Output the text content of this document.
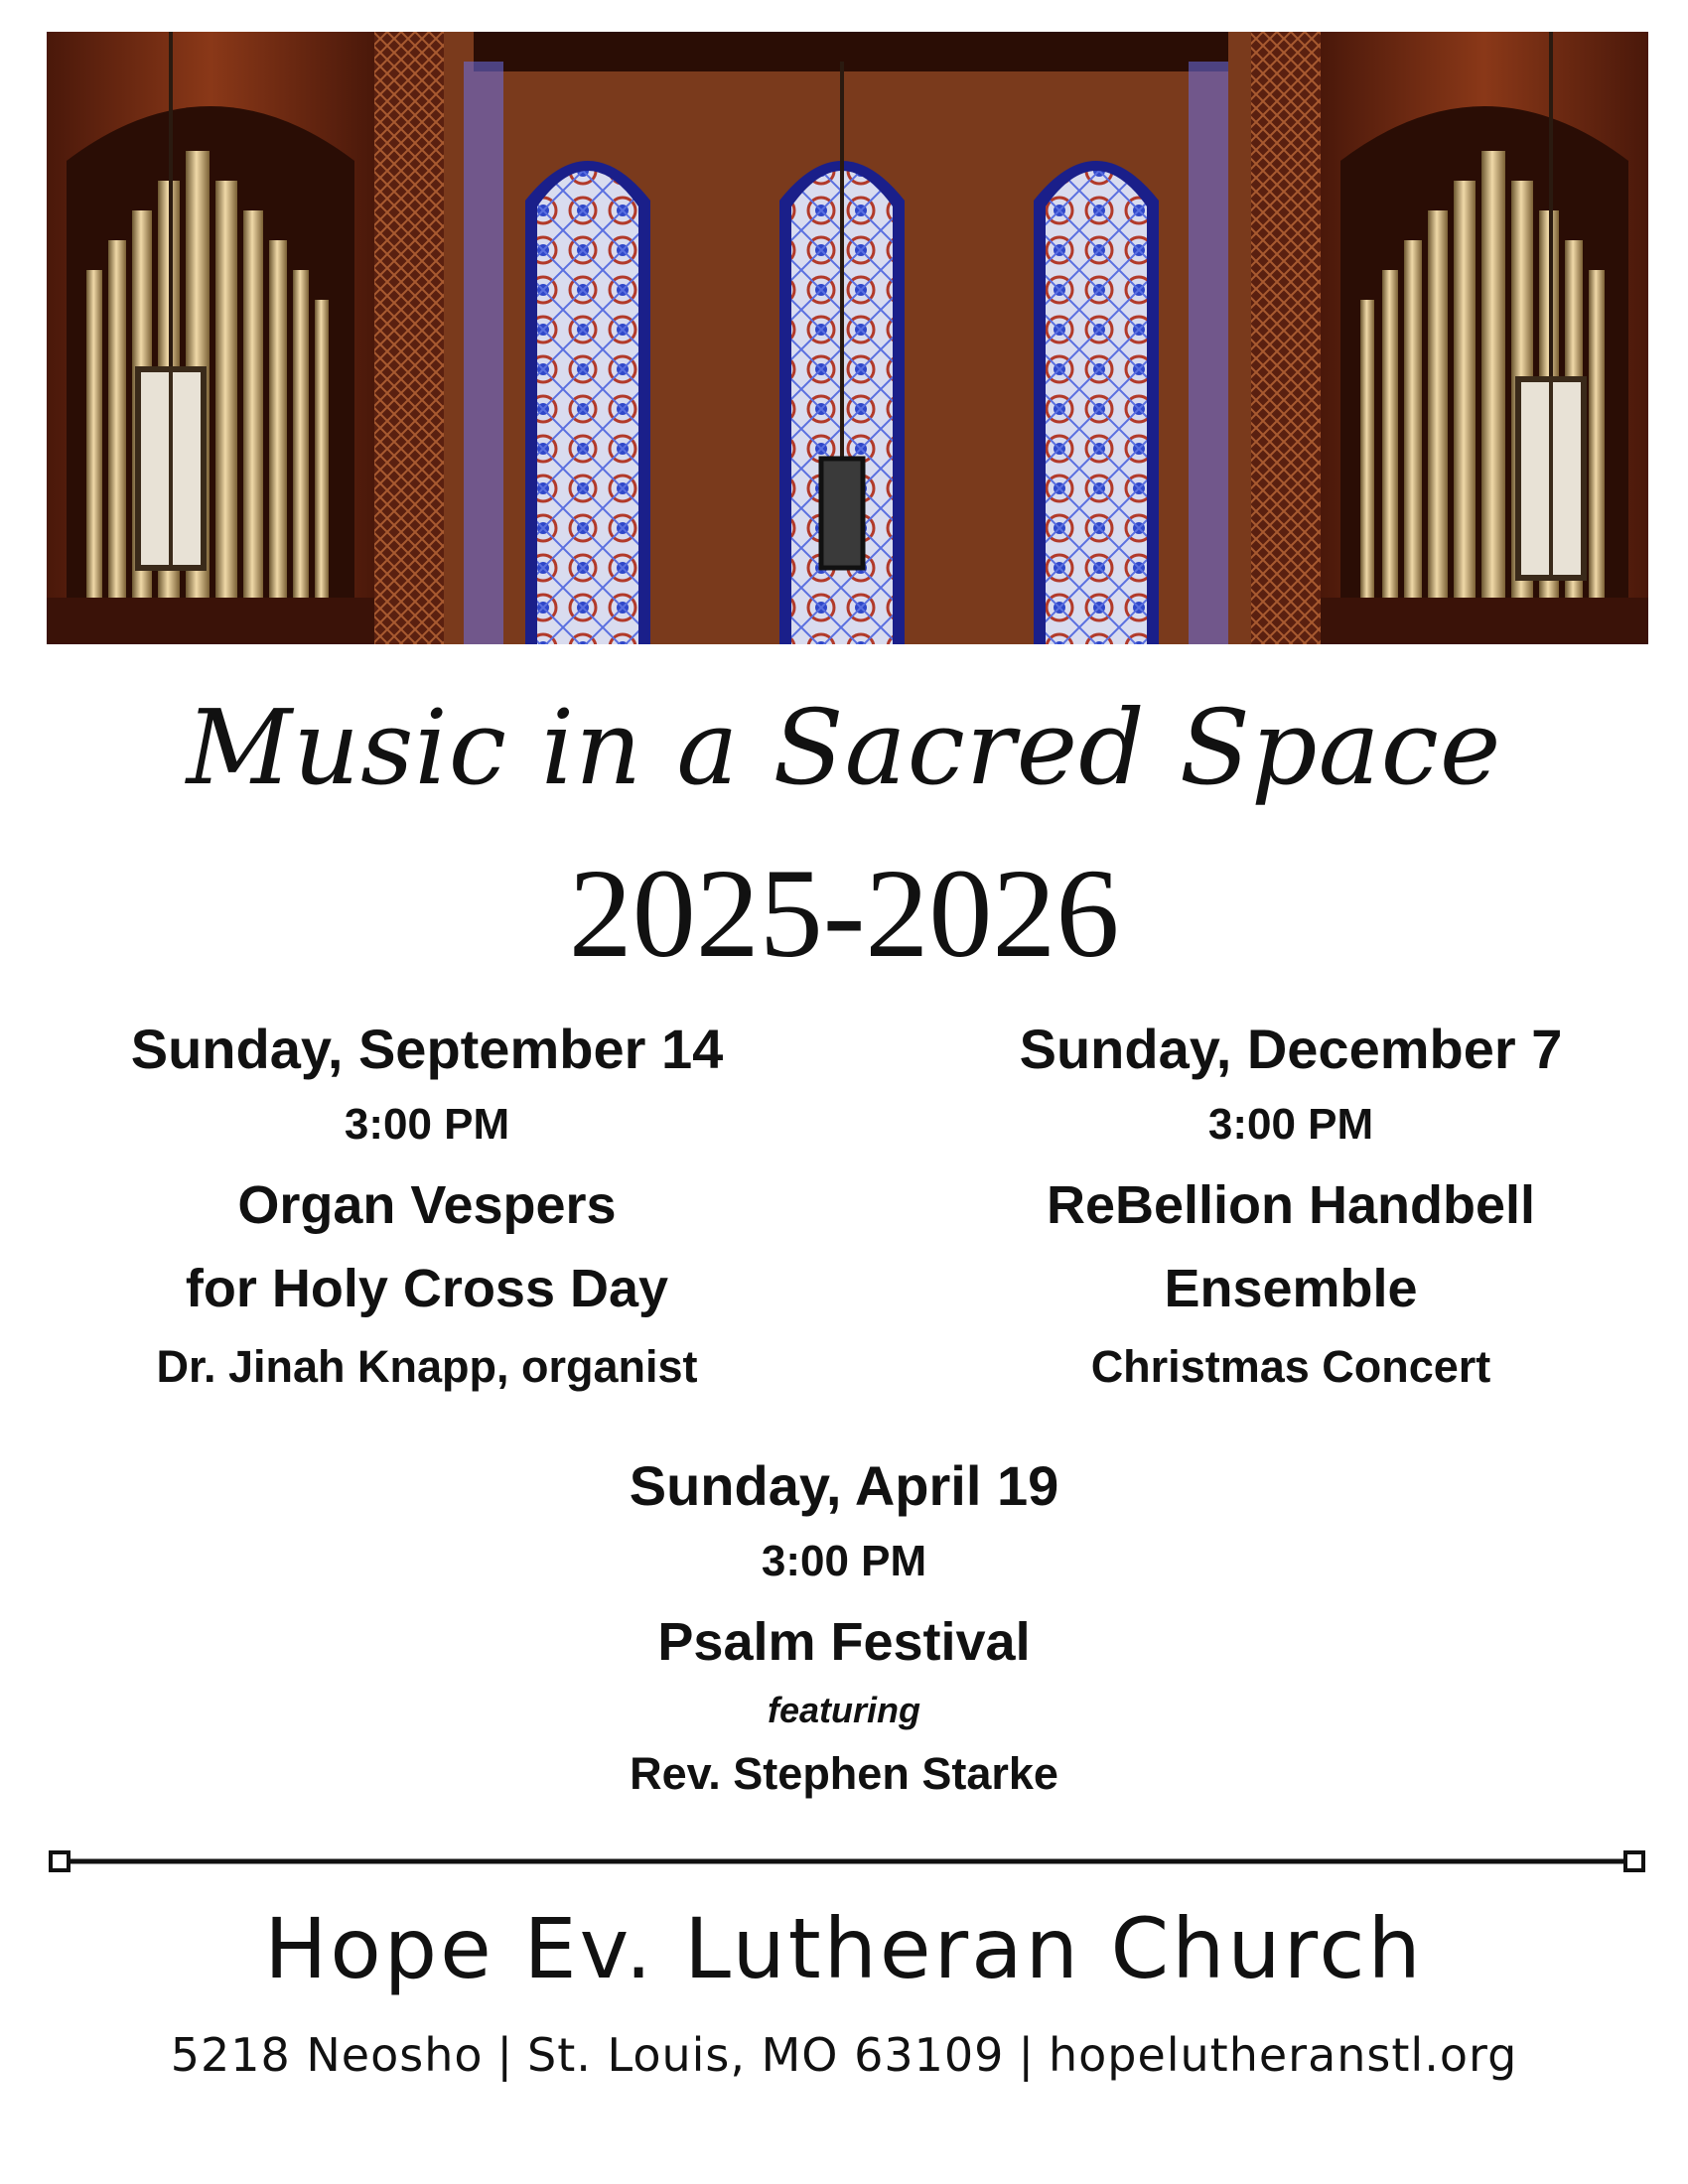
Music in a Sacred Space
2025-2026
Sunday, September 14
3:00 PM
Organ Vespers
for Holy Cross Day
Dr. Jinah Knapp, organist
Sunday, December 7
3:00 PM
ReBellion Handbell
Ensemble
Christmas Concert
Sunday, April 19
3:00 PM
Psalm Festival
featuring
Rev. Stephen Starke
Hope Ev. Lutheran Church
5218 Neosho | St. Louis, MO 63109 | hopelutheranstl.org
